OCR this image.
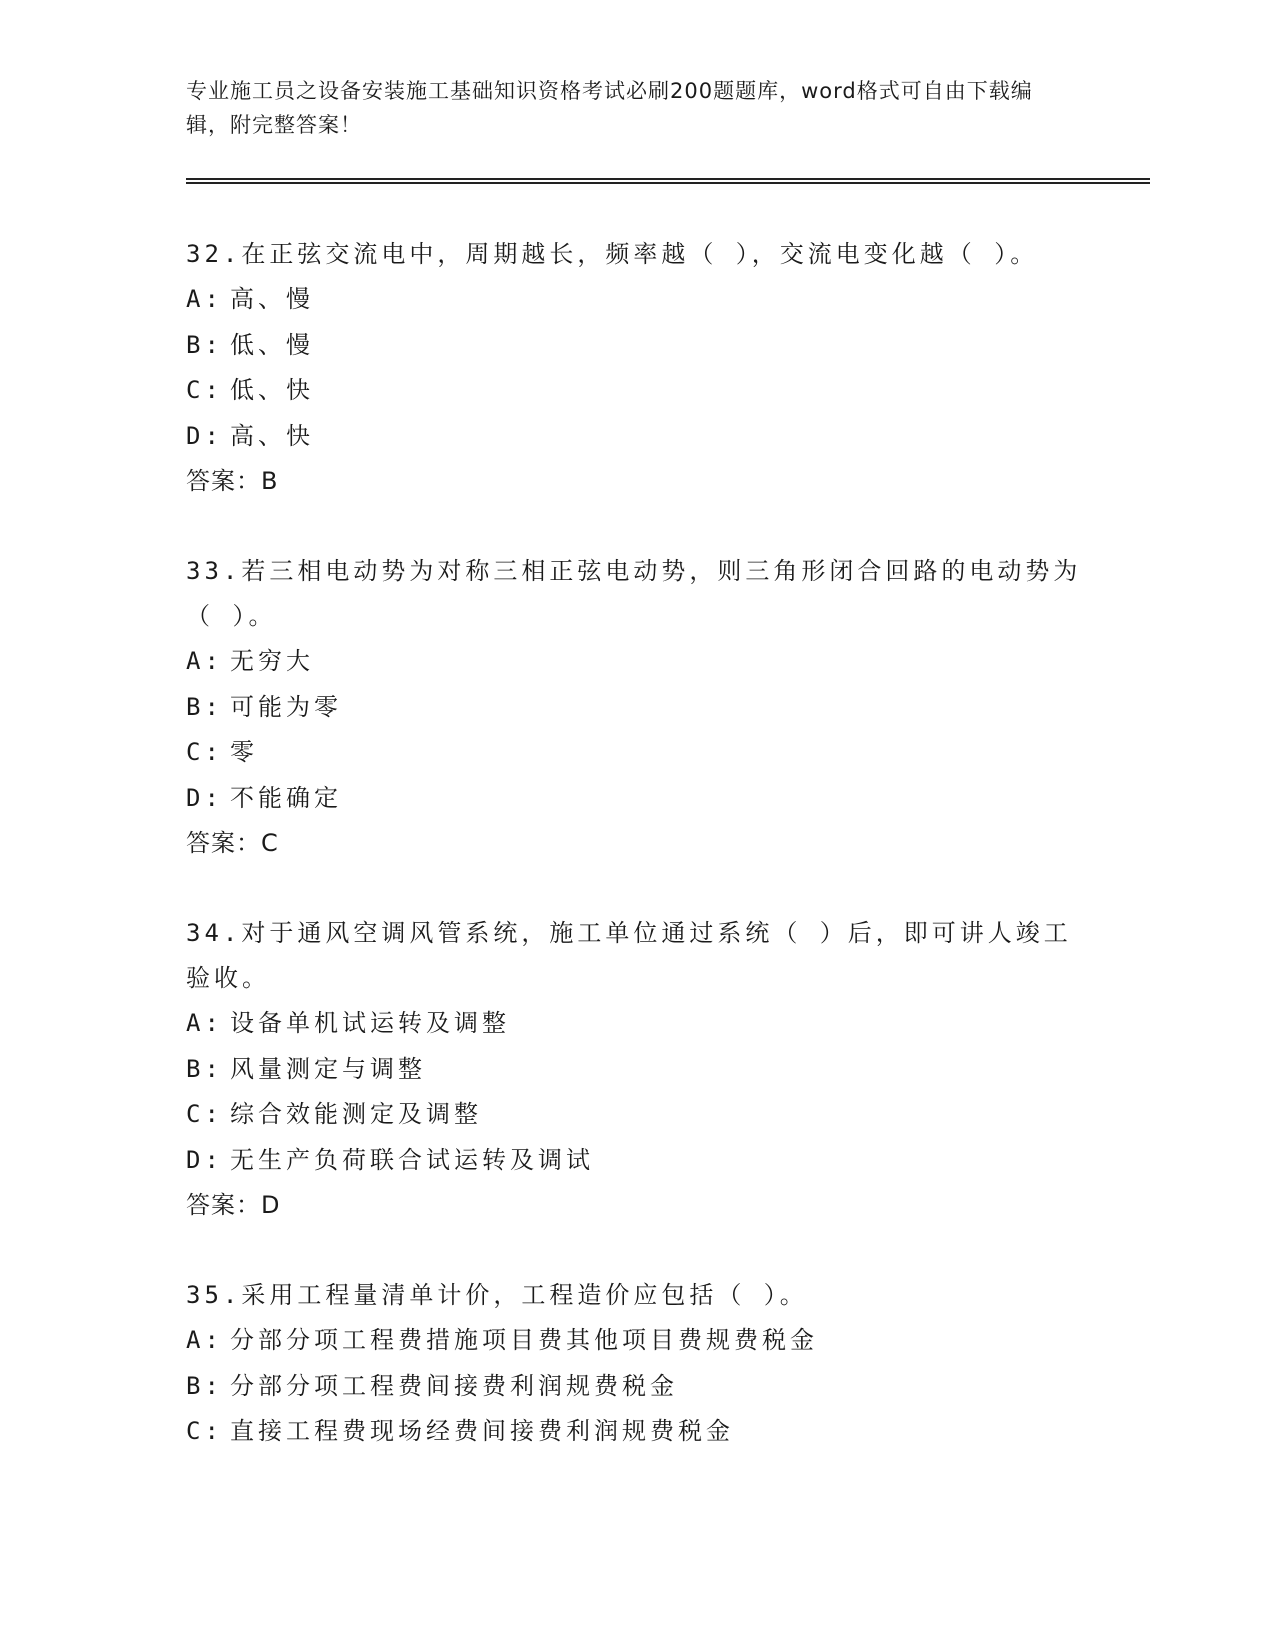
专业施工员之设备安装施工基础知识资格考试必刷200题题库，word格式可自由下载编辑，附完整答案！

32.在正弦交流电中，周期越长，频率越（ ），交流电变化越（ ）。

A: 高、慢

B: 低、慢

C: 低、快

D: 高、快

答案：B

33.若三相电动势为对称三相正弦电动势，则三角形闭合回路的电动势为（ ）。

A: 无穷大

B: 可能为零

C: 零

D: 不能确定

答案：C

34.对于通风空调风管系统，施工单位通过系统（ ）后，即可讲人竣工验收。

A: 设备单机试运转及调整

B: 风量测定与调整

C: 综合效能测定及调整

D: 无生产负荷联合试运转及调试

答案：D

35.采用工程量清单计价，工程造价应包括（ ）。

A: 分部分项工程费措施项目费其他项目费规费税金

B: 分部分项工程费间接费利润规费税金

C: 直接工程费现场经费间接费利润规费税金
